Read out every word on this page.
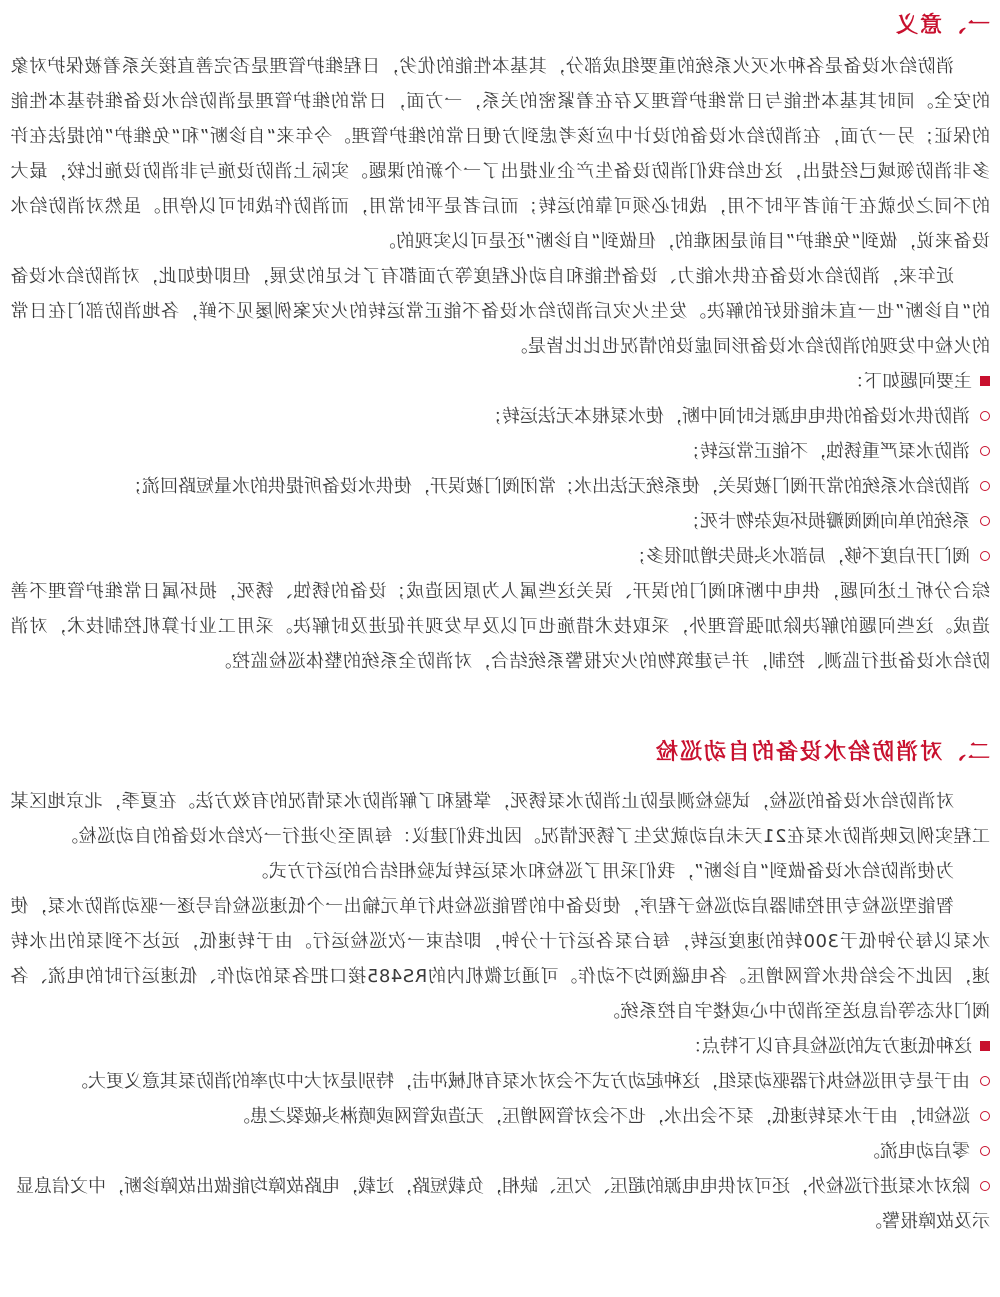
一、意义

消防给水设备是各种水灭火系统的重要组成部分，其基本性能的优劣，日程维护管理是否完善直接关系着被保护对象的安全。同时其基本性能与日常维护管理又存在着紧密的关系，一方面，日常的维护管理是消防给水设备维持基本性能的保证；另一方面，在消防给水设备的设计中应该考虑到方便日常的维护管理。今年来“自诊断”和“免维护”的提法在许多非消防领域已经提出，这也给我们消防设备生产企业提出了一个新的课题。实际上消防设施与非消防设施比较，最大的不同之处就在于前者平时不用，战时必须可靠的运转；而后者是平时常用，而消防作战时可以停用。虽然对消防给水设备来说，做到“免维护”目前是困难的，但做到“自诊断”还是可以实现的。

近年来，消防给水设备在供水能力、设备性能和自动化程度等方面都有了长足的发展，但即使如此，对消防给水设备的“自诊断”也一直未能很好的解决。发生火灾后消防给水设备不能正常运转的火灾案例屡见不鲜，各地消防部门在日常的火检中发现的消防给水设备形同虚设的情况也比比皆是。

主要问题如下：

消防供水设备的供电电源长时间中断，使水泵根本无法运转；
消防水泵严重锈蚀，不能正常运转；
消防给水系统的常开阀门被误关，使系统无法出水；常闭阀门被误开，使供水设备所提供的水量短路回流；
系统的单向阀阀瓣损坏或杂物卡死；
阀门开启度不够，局部水头损失增加很多；

综合分析上述问题，供电中断和阀门的误开、误关这些属人为原因造成；设备的锈蚀、锈死，损坏属日常维护管理不善造成。这些问题的解决除加强管理外，采取技术措施也可以及早发现并促进及时解决。采用工业计算机控制技术，对消防给水设备进行监测、控制，并与建筑物的火灾报警系统结合，对消防全系统的整体巡检监控。

二、对消防给水设备的自动巡检

对消防给水设备的巡检，试验检测是防止消防水泵锈死，掌握和了解消防水泵情况的有效方法。在夏季，北京地区某工程实例反映消防水泵在21天未启动就发生了锈死情况。因此我们建议：每周至少进行一次给水设备的自动巡检。

为使消防给水设备做到“自诊断”，我们采用了巡检和水泵运转试验相结合的运行方式。

智能型巡检专用控制器启动巡检子程序，使设备中的智能巡检执行单元输出一个低速巡检信号逐一驱动消防水泵，使水泵以每分钟低于300转的速度运转，每台泵各运行十分钟，即结束一次巡检运行。由于转速低，远达不到泵的出水转速，因此不会给供水管网增压。各电磁阀均不动作。可通过微机内的RS485接口把各泵的动作、低速运行时的电流、各阀门状态等信息送至消防中心或楼宇自控系统。

这种低速方式的巡检具有以下特点：

由于是专用巡检执行器驱动泵组，这种起动方式不会对水泵有机械冲击，特别是对大中功率的消防泵其意义更大。
巡检时，由于水泵转速低，泵不会出水，也不会对管网增压，无造成管网或喷淋头破裂之患。
零启动电流。
除对水泵进行巡检外，还可对供电电源的超压、欠压、缺相，负载短路，过载，电路故障均能做出故障诊断，中文信息显示及故障报警。
